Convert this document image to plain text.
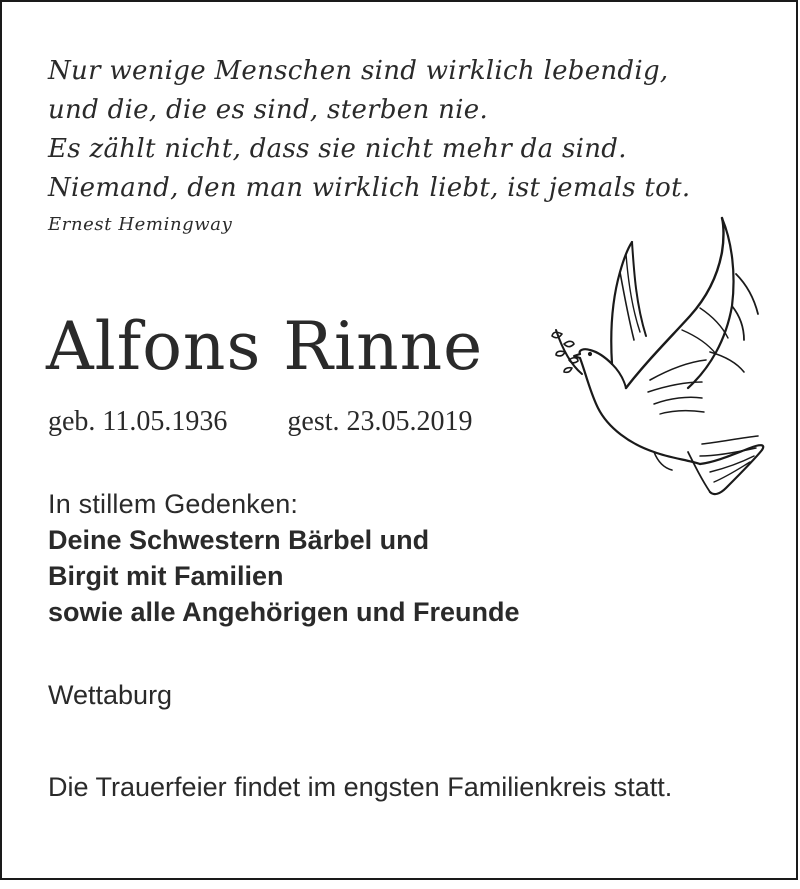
Nur wenige Menschen sind wirklich lebendig,
und die, die es sind, sterben nie.
Es zählt nicht, dass sie nicht mehr da sind.
Niemand, den man wirklich liebt, ist jemals tot.
Ernest Hemingway
Alfons Rinne
geb. 11.05.1936 gest. 23.05.2019
In stillem Gedenken:
Deine Schwestern Bärbel und
Birgit mit Familien
sowie alle Angehörigen und Freunde
Wettaburg
Die Trauerfeier findet im engsten Familienkreis statt.
